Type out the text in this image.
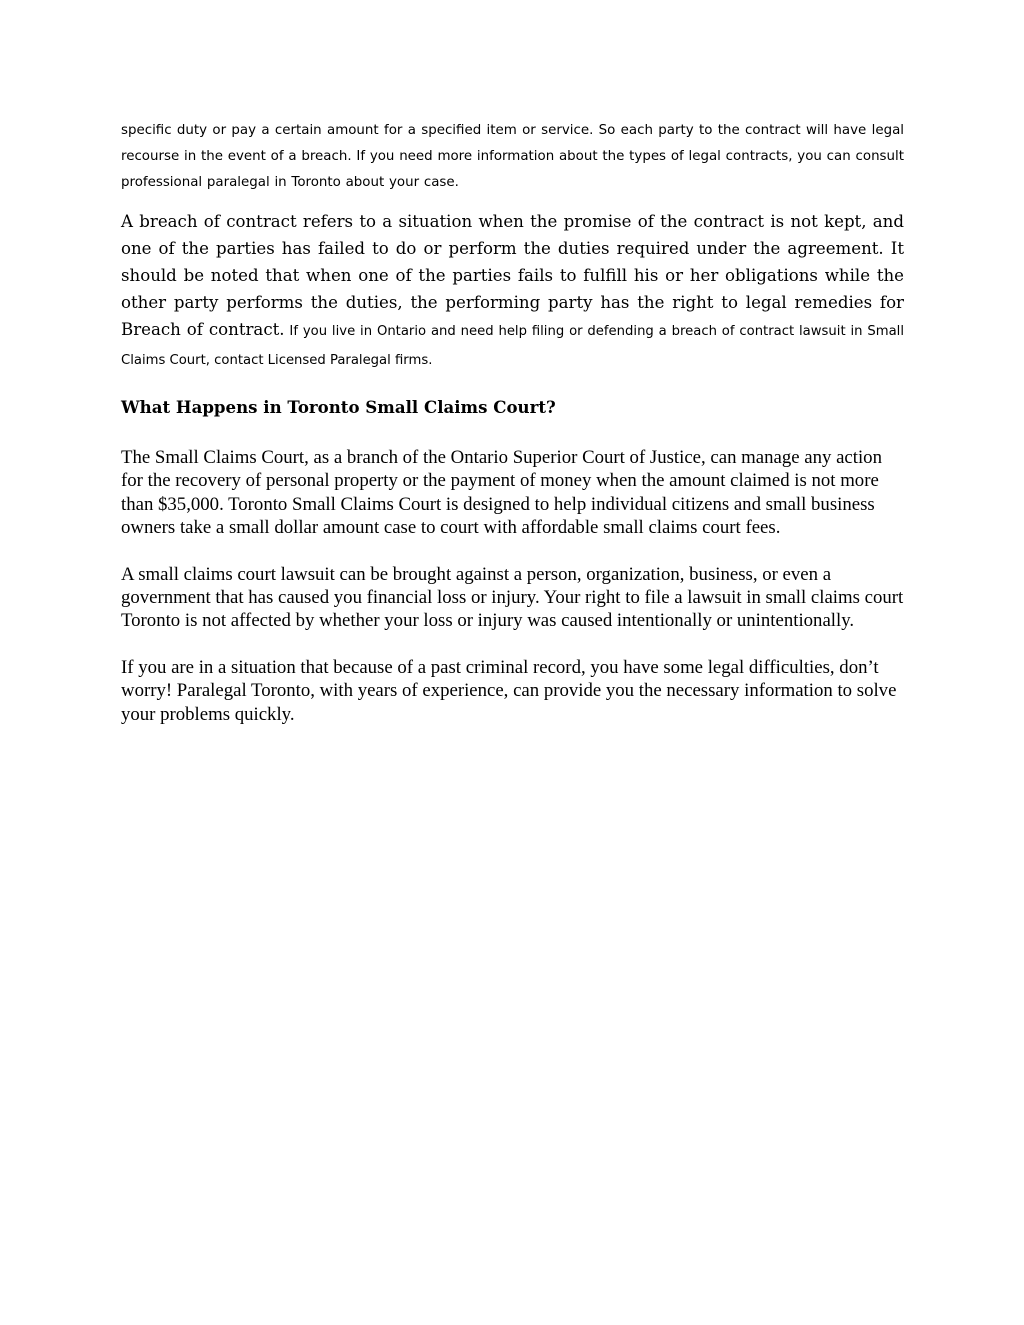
specific duty or pay a certain amount for a specified item or service. So each party to the contract will have legal recourse in the event of a breach. If you need more information about the types of legal contracts, you can consult professional paralegal in Toronto about your case.

A breach of contract refers to a situation when the promise of the contract is not kept, and one of the parties has failed to do or perform the duties required under the agreement. It should be noted that when one of the parties fails to fulfill his or her obligations while the other party performs the duties, the performing party has the right to legal remedies for Breach of contract. If you live in Ontario and need help filing or defending a breach of contract lawsuit in Small Claims Court, contact Licensed Paralegal firms.

What Happens in Toronto Small Claims Court?

The Small Claims Court, as a branch of the Ontario Superior Court of Justice, can manage any action for the recovery of personal property or the payment of money when the amount claimed is not more than $35,000. Toronto Small Claims Court is designed to help individual citizens and small business owners take a small dollar amount case to court with affordable small claims court fees.

A small claims court lawsuit can be brought against a person, organization, business, or even a government that has caused you financial loss or injury. Your right to file a lawsuit in small claims court Toronto is not affected by whether your loss or injury was caused intentionally or unintentionally.

If you are in a situation that because of a past criminal record, you have some legal difficulties, don’t worry! Paralegal Toronto, with years of experience, can provide you the necessary information to solve your problems quickly.
